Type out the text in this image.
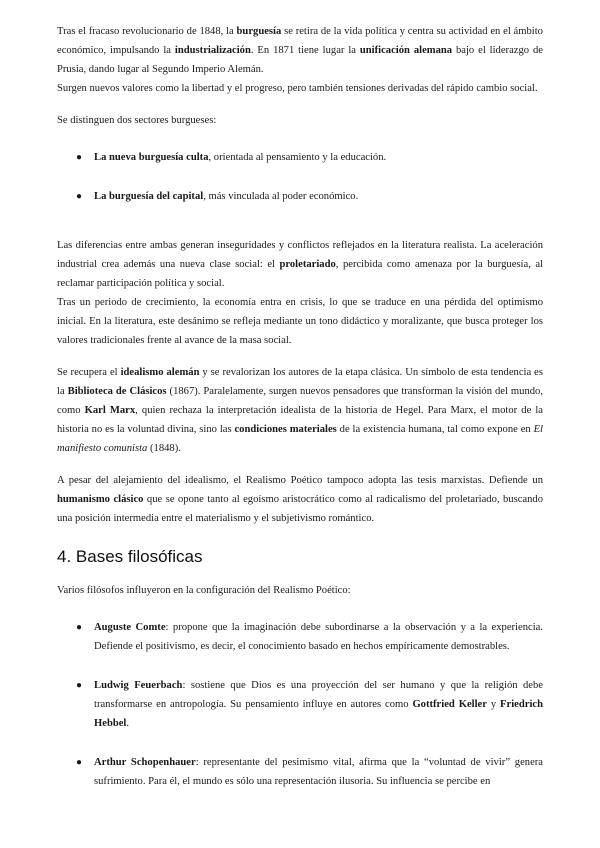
Tras el fracaso revolucionario de 1848, la burguesía se retira de la vida política y centra su actividad en el ámbito económico, impulsando la industrialización. En 1871 tiene lugar la unificación alemana bajo el liderazgo de Prusia, dando lugar al Segundo Imperio Alemán.

Surgen nuevos valores como la libertad y el progreso, pero también tensiones derivadas del rápido cambio social.

Se distinguen dos sectores burgueses:

● La nueva burguesía culta, orientada al pensamiento y la educación.
● La burguesía del capital, más vinculada al poder económico.

Las diferencias entre ambas generan inseguridades y conflictos reflejados en la literatura realista. La aceleración industrial crea además una nueva clase social: el proletariado, percibida como amenaza por la burguesía, al reclamar participación política y social.

Tras un periodo de crecimiento, la economía entra en crisis, lo que se traduce en una pérdida del optimismo inicial. En la literatura, este desánimo se refleja mediante un tono didáctico y moralizante, que busca proteger los valores tradicionales frente al avance de la masa social.

Se recupera el idealismo alemán y se revalorizan los autores de la etapa clásica. Un símbolo de esta tendencia es la Biblioteca de Clásicos (1867). Paralelamente, surgen nuevos pensadores que transforman la visión del mundo, como Karl Marx, quien rechaza la interpretación idealista de la historia de Hegel. Para Marx, el motor de la historia no es la voluntad divina, sino las condiciones materiales de la existencia humana, tal como expone en El manifiesto comunista (1848).

A pesar del alejamiento del idealismo, el Realismo Poético tampoco adopta las tesis marxistas. Defiende un humanismo clásico que se opone tanto al egoísmo aristocrático como al radicalismo del proletariado, buscando una posición intermedia entre el materialismo y el subjetivismo romántico.

4. Bases filosóficas

Varios filósofos influyeron en la configuración del Realismo Poético:

● Auguste Comte: propone que la imaginación debe subordinarse a la observación y a la experiencia. Defiende el positivismo, es decir, el conocimiento basado en hechos empíricamente demostrables.

● Ludwig Feuerbach: sostiene que Dios es una proyección del ser humano y que la religión debe transformarse en antropología. Su pensamiento influye en autores como Gottfried Keller y Friedrich Hebbel.

● Arthur Schopenhauer: representante del pesimismo vital, afirma que la “voluntad de vivir” genera sufrimiento. Para él, el mundo es sólo una representación ilusoria. Su influencia se percibe en
